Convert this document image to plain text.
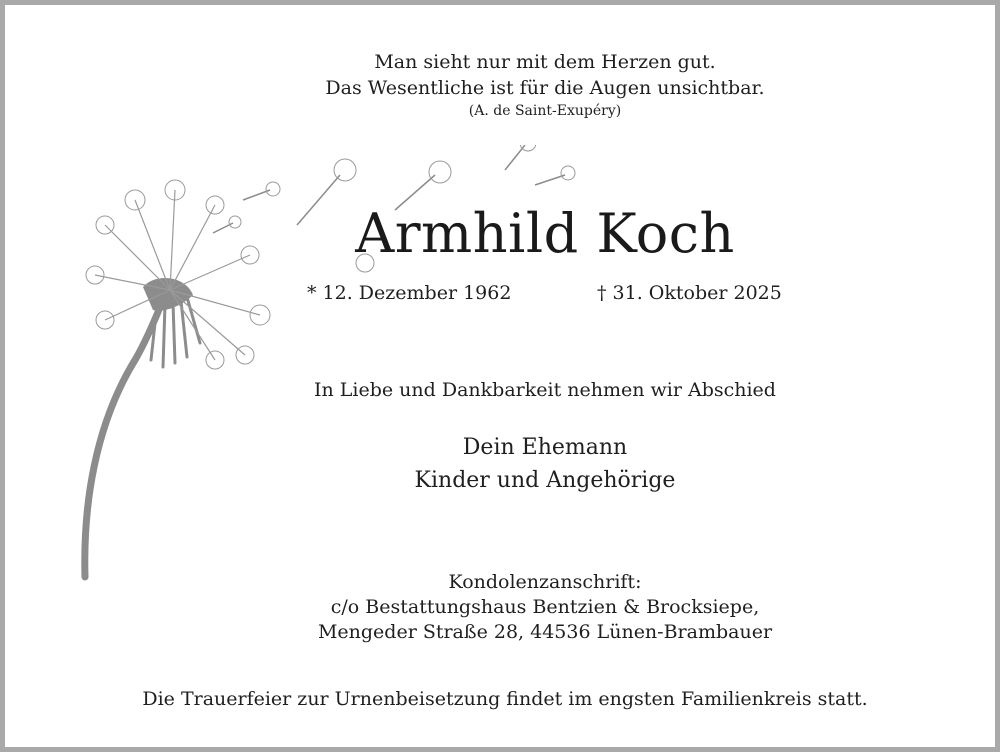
Man sieht nur mit dem Herzen gut.
Das Wesentliche ist für die Augen unsichtbar.
(A. de Saint-Exupéry)
Armhild Koch
* 12. Dezember 1962	† 31. Oktober 2025
In Liebe und Dankbarkeit nehmen wir Abschied
Dein Ehemann
Kinder und Angehörige
Kondolenzanschrift:
c/o Bestattungshaus Bentzien & Brocksiepe,
Mengeder Straße 28, 44536 Lünen-Brambauer
Die Trauerfeier zur Urnenbeisetzung findet im engsten Familienkreis statt.
